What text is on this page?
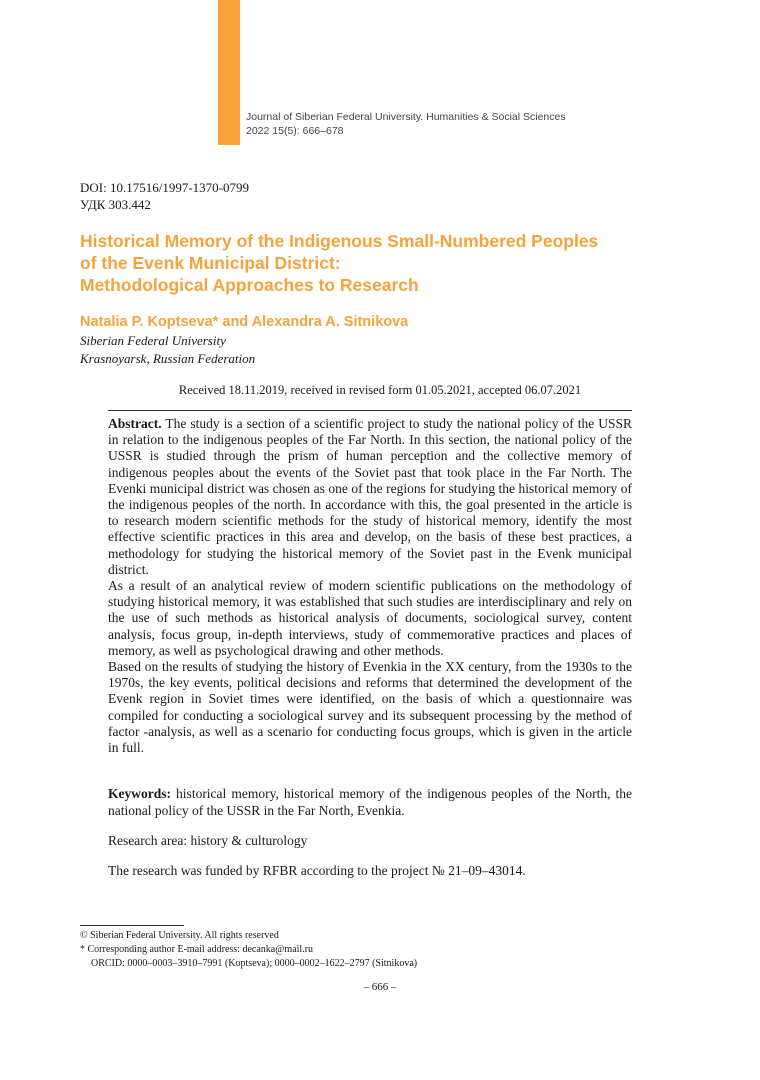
Journal of Siberian Federal University. Humanities & Social Sciences
2022 15(5): 666–678
DOI: 10.17516/1997-1370-0799
УДК 303.442
Historical Memory of the Indigenous Small-Numbered Peoples
of the Evenk Municipal District:
Methodological Approaches to Research
Natalia P. Koptseva* and Alexandra A. Sitnikova
Siberian Federal University
Krasnoyarsk, Russian Federation
Received 18.11.2019, received in revised form 01.05.2021, accepted 06.07.2021

Abstract. The study is a section of a scientific project to study the national policy of the USSR in relation to the indigenous peoples of the Far North. In this section, the national policy of the USSR is studied through the prism of human perception and the collective memory of indigenous peoples about the events of the Soviet past that took place in the Far North. The Evenki municipal district was chosen as one of the regions for studying the historical memory of the indigenous peoples of the north. In accordance with this, the goal presented in the article is to research modern scientific methods for the study of historical memory, identify the most effective scientific practices in this area and develop, on the basis of these best practices, a methodology for studying the historical memory of the Soviet past in the Evenk municipal district.

As a result of an analytical review of modern scientific publications on the methodology of studying historical memory, it was established that such studies are interdisciplinary and rely on the use of such methods as historical analysis of documents, sociological survey, content analysis, focus group, in-depth interviews, study of commemorative practices and places of memory, as well as psychological drawing and other methods.

Based on the results of studying the history of Evenkia in the XX century, from the 1930s to the 1970s, the key events, political decisions and reforms that determined the development of the Evenk region in Soviet times were identified, on the basis of which a questionnaire was compiled for conducting a sociological survey and its subsequent processing by the method of factor -analysis, as well as a scenario for conducting focus groups, which is given in the article in full.

Keywords: historical memory, historical memory of the indigenous peoples of the North, the national policy of the USSR in the Far North, Evenkia.
Research area: history & culturology
The research was funded by RFBR according to the project № 21–09–43014.
© Siberian Federal University. All rights reserved
* Corresponding author E-mail address: decanka@mail.ru
ORCID: 0000–0003–3910–7991 (Koptseva); 0000–0002–1622–2797 (Sitnikova)
– 666 –
